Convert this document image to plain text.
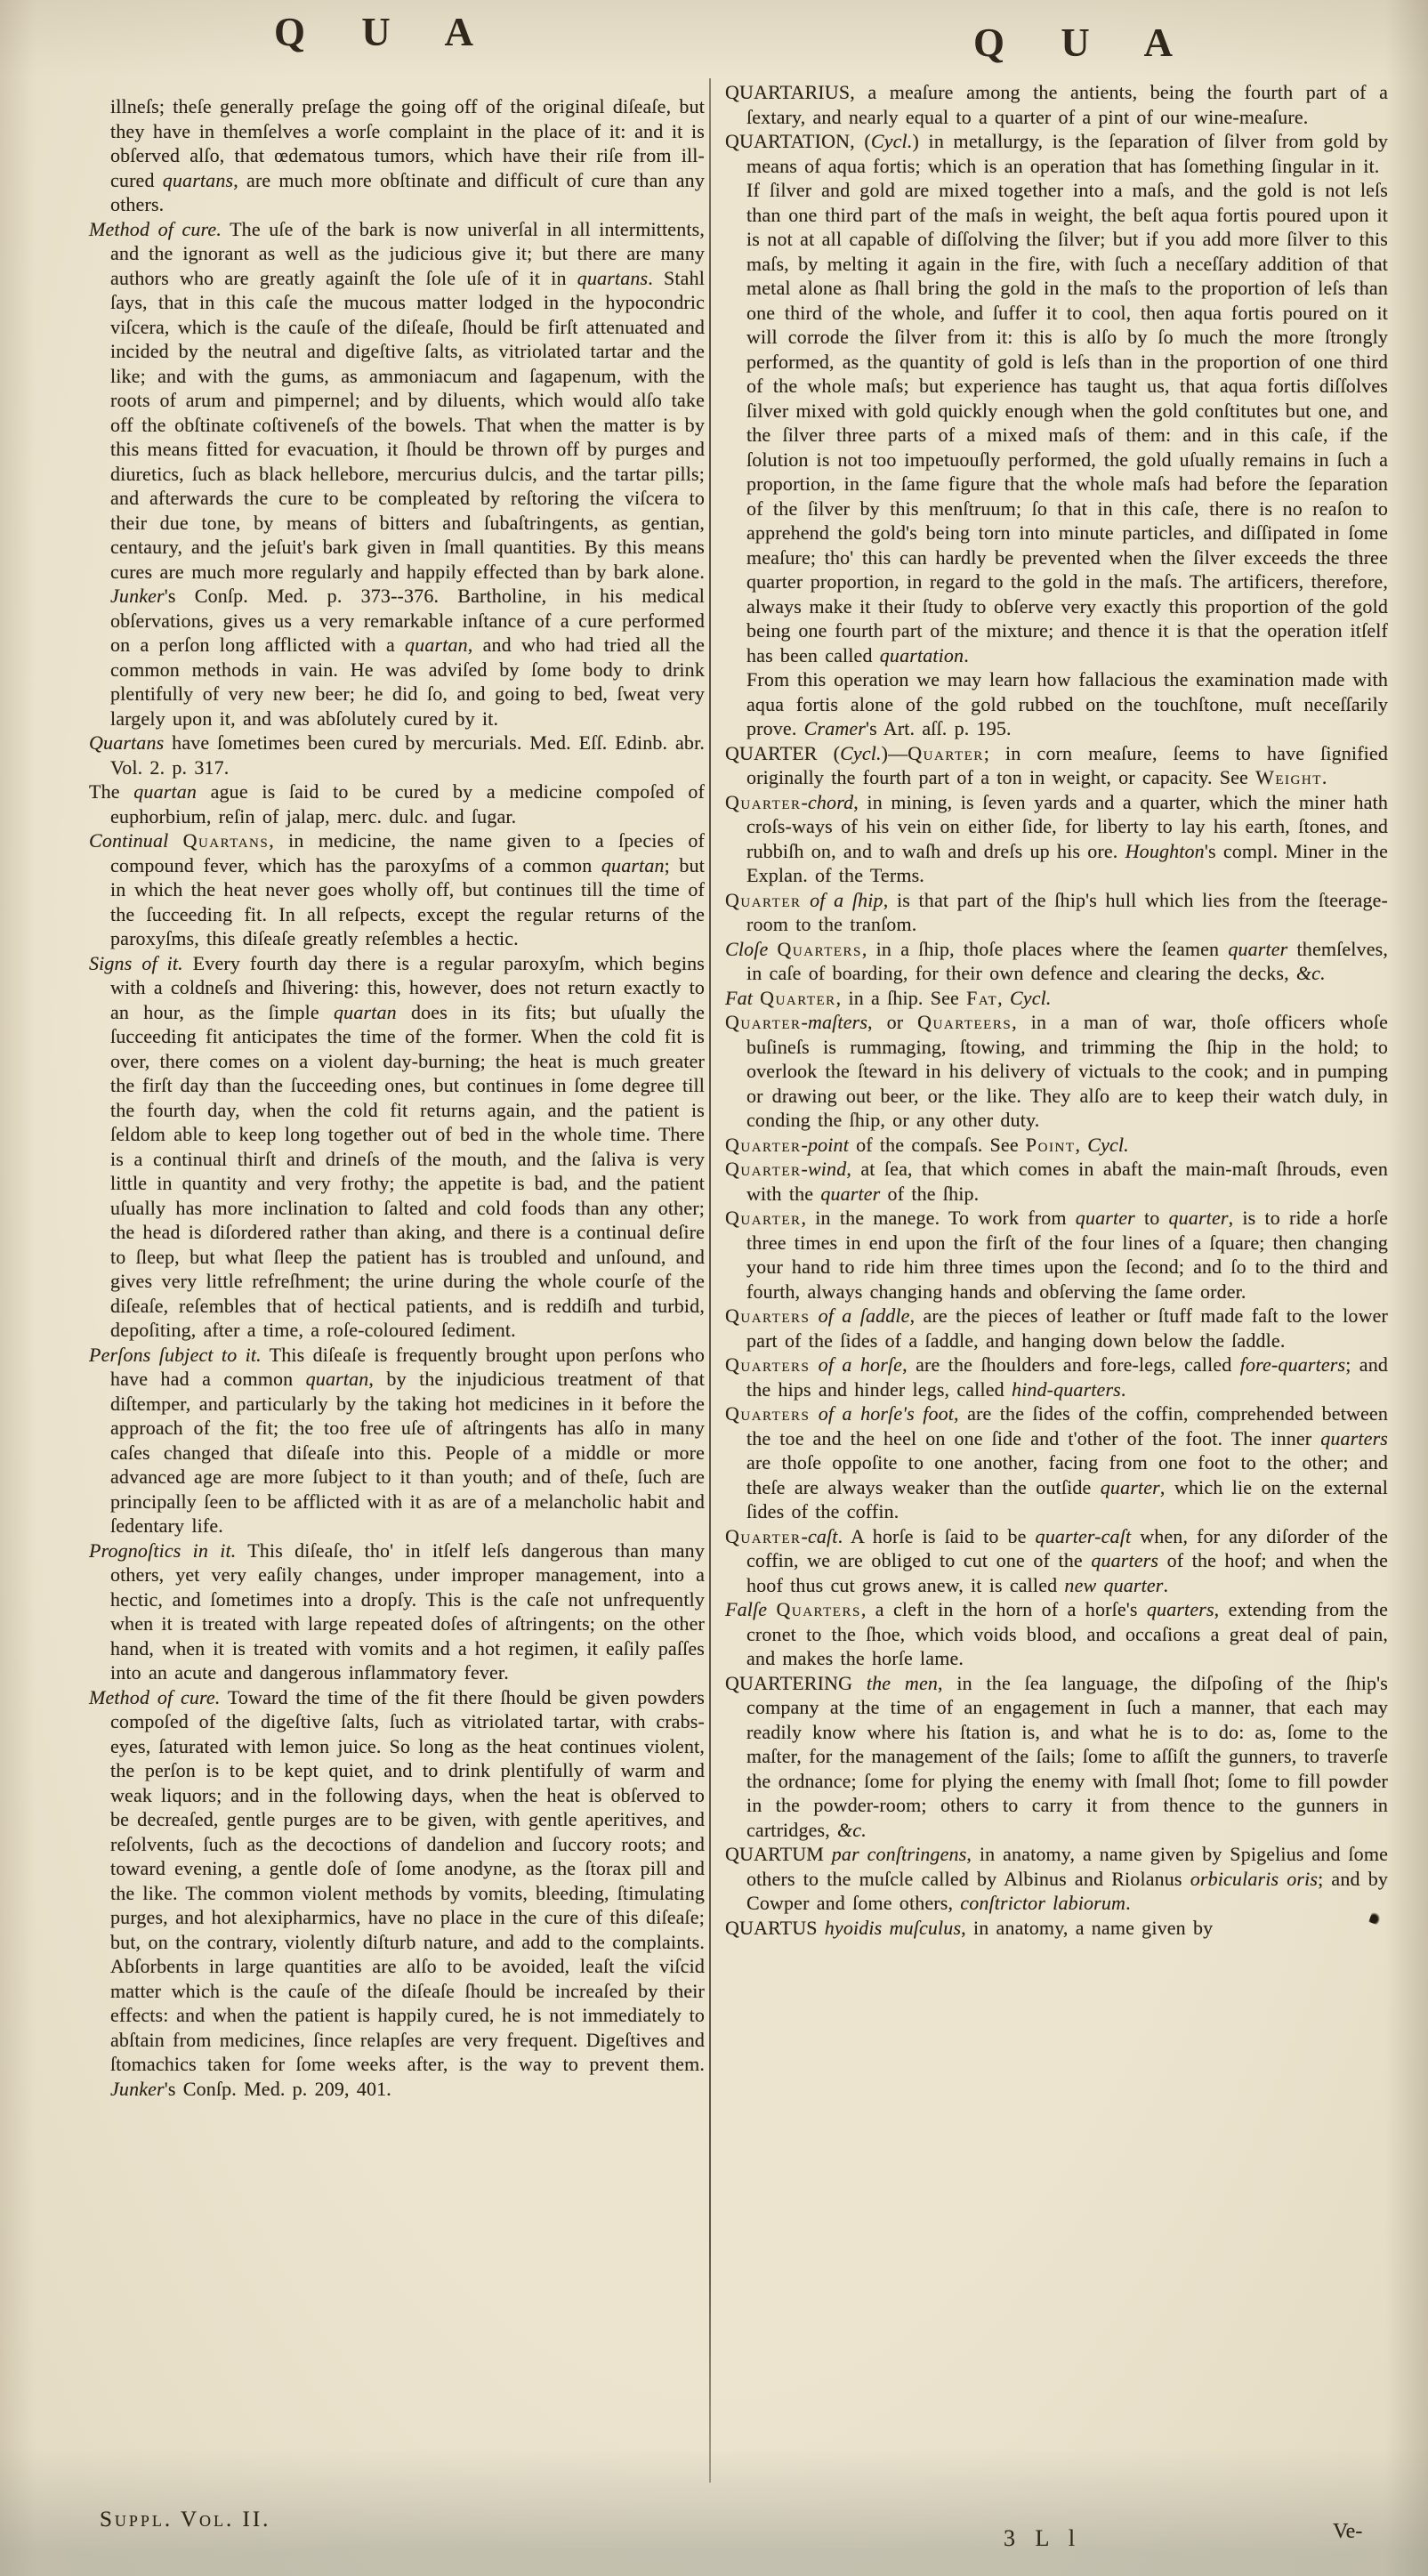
Q U A	Q U A

illneſs; theſe generally preſage the going off of the original diſeaſe, but they have in themſelves a worſe complaint in the place of it: and it is obſerved alſo, that œdematous tumors, which have their riſe from ill-cured quartans, are much more obſtinate and difficult of cure than any others.

Method of cure. The uſe of the bark is now univerſal in all intermittents, and the ignorant as well as the judicious give it; but there are many authors who are greatly againſt the ſole uſe of it in quartans. Stahl ſays, that in this caſe the mucous matter lodged in the hypocondric viſcera, which is the cauſe of the diſeaſe, ſhould be firſt attenuated and incided by the neutral and digeſtive ſalts, as vitriolated tartar and the like; and with the gums, as ammoniacum and ſagapenum, with the roots of arum and pimpernel; and by diluents, which would alſo take off the obſtinate coſtiveneſs of the bowels. That when the matter is by this means fitted for evacuation, it ſhould be thrown off by purges and diuretics, ſuch as black hellebore, mercurius dulcis, and the tartar pills; and afterwards the cure to be compleated by reſtoring the viſcera to their due tone, by means of bitters and ſubaſtringents, as gentian, centaury, and the jeſuit's bark given in ſmall quantities. By this means cures are much more regularly and happily effected than by bark alone. Junker's Conſp. Med. p. 373--376. Bartholine, in his medical obſervations, gives us a very remarkable inſtance of a cure performed on a perſon long afflicted with a quartan, and who had tried all the common methods in vain. He was adviſed by ſome body to drink plentifully of very new beer; he did ſo, and going to bed, ſweat very largely upon it, and was abſolutely cured by it.

Quartans have ſometimes been cured by mercurials. Med. Eſſ. Edinb. abr. Vol. 2. p. 317.

The quartan ague is ſaid to be cured by a medicine compoſed of euphorbium, reſin of jalap, merc. dulc. and ſugar.

Continual Quartans, in medicine, the name given to a ſpecies of compound fever, which has the paroxyſms of a common quartan; but in which the heat never goes wholly off, but continues till the time of the ſucceeding fit. In all reſpects, except the regular returns of the paroxyſms, this diſeaſe greatly reſembles a hectic.

Signs of it. Every fourth day there is a regular paroxyſm, which begins with a coldneſs and ſhivering: this, however, does not return exactly to an hour, as the ſimple quartan does in its fits; but uſually the ſucceeding fit anticipates the time of the former. When the cold fit is over, there comes on a violent day-burning; the heat is much greater the firſt day than the ſucceeding ones, but continues in ſome degree till the fourth day, when the cold fit returns again, and the patient is ſeldom able to keep long together out of bed in the whole time. There is a continual thirſt and drineſs of the mouth, and the ſaliva is very little in quantity and very frothy; the appetite is bad, and the patient uſually has more inclination to ſalted and cold foods than any other; the head is diſordered rather than aking, and there is a continual deſire to ſleep, but what ſleep the patient has is troubled and unſound, and gives very little refreſhment; the urine during the whole courſe of the diſeaſe, reſembles that of hectical patients, and is reddiſh and turbid, depoſiting, after a time, a roſe-coloured ſediment.

Perſons ſubject to it. This diſeaſe is frequently brought upon perſons who have had a common quartan, by the injudicious treatment of that diſtemper, and particularly by the taking hot medicines in it before the approach of the fit; the too free uſe of aſtringents has alſo in many caſes changed that diſeaſe into this. People of a middle or more advanced age are more ſubject to it than youth; and of theſe, ſuch are principally ſeen to be afflicted with it as are of a melancholic habit and ſedentary life.

Prognoſtics in it. This diſeaſe, tho' in itſelf leſs dangerous than many others, yet very eaſily changes, under improper management, into a hectic, and ſometimes into a dropſy. This is the caſe not unfrequently when it is treated with large repeated doſes of aſtringents; on the other hand, when it is treated with vomits and a hot regimen, it eaſily paſſes into an acute and dangerous inflammatory fever.

Method of cure. Toward the time of the fit there ſhould be given powders compoſed of the digeſtive ſalts, ſuch as vitriolated tartar, with crabs-eyes, ſaturated with lemon juice. So long as the heat continues violent, the perſon is to be kept quiet, and to drink plentifully of warm and weak liquors; and in the following days, when the heat is obſerved to be decreaſed, gentle purges are to be given, with gentle aperitives, and reſolvents, ſuch as the decoctions of dandelion and ſuccory roots; and toward evening, a gentle doſe of ſome anodyne, as the ſtorax pill and the like. The common violent methods by vomits, bleeding, ſtimulating purges, and hot alexipharmics, have no place in the cure of this diſeaſe; but, on the contrary, violently diſturb nature, and add to the complaints. Abſorbents in large quantities are alſo to be avoided, leaſt the viſcid matter which is the cauſe of the diſeaſe ſhould be increaſed by their effects: and when the patient is happily cured, he is not immediately to abſtain from medicines, ſince relapſes are very frequent. Digeſtives and ſtomachics taken for ſome weeks after, is the way to prevent them. Junker's Conſp. Med. p. 209, 401.

QUARTARIUS, a meaſure among the antients, being the fourth part of a ſextary, and nearly equal to a quarter of a pint of our wine-meaſure.

QUARTATION, (Cycl.) in metallurgy, is the ſeparation of ſilver from gold by means of aqua fortis; which is an operation that has ſomething ſingular in it.

If ſilver and gold are mixed together into a maſs, and the gold is not leſs than one third part of the maſs in weight, the beſt aqua fortis poured upon it is not at all capable of diſſolving the ſilver; but if you add more ſilver to this maſs, by melting it again in the fire, with ſuch a neceſſary addition of that metal alone as ſhall bring the gold in the maſs to the proportion of leſs than one third of the whole, and ſuffer it to cool, then aqua fortis poured on it will corrode the ſilver from it: this is alſo by ſo much the more ſtrongly performed, as the quantity of gold is leſs than in the proportion of one third of the whole maſs; but experience has taught us, that aqua fortis diſſolves ſilver mixed with gold quickly enough when the gold conſtitutes but one, and the ſilver three parts of a mixed maſs of them: and in this caſe, if the ſolution is not too impetuouſly performed, the gold uſually remains in ſuch a proportion, in the ſame figure that the whole maſs had before the ſeparation of the ſilver by this menſtruum; ſo that in this caſe, there is no reaſon to apprehend the gold's being torn into minute particles, and diſſipated in ſome meaſure; tho' this can hardly be prevented when the ſilver exceeds the three quarter proportion, in regard to the gold in the maſs. The artificers, therefore, always make it their ſtudy to obſerve very exactly this proportion of the gold being one fourth part of the mixture; and thence it is that the operation itſelf has been called quartation.

From this operation we may learn how fallacious the examination made with aqua fortis alone of the gold rubbed on the touchſtone, muſt neceſſarily prove. Cramer's Art. aſſ. p. 195.

QUARTER (Cycl.)—Quarter; in corn meaſure, ſeems to have ſignified originally the fourth part of a ton in weight, or capacity. See Weight.

Quarter-chord, in mining, is ſeven yards and a quarter, which the miner hath croſs-ways of his vein on either ſide, for liberty to lay his earth, ſtones, and rubbiſh on, and to waſh and dreſs up his ore. Houghton's compl. Miner in the Explan. of the Terms.

Quarter of a ſhip, is that part of the ſhip's hull which lies from the ſteerage-room to the tranſom.

Cloſe Quarters, in a ſhip, thoſe places where the ſeamen quarter themſelves, in caſe of boarding, for their own defence and clearing the decks, &c.

Fat Quarter, in a ſhip. See Fat, Cycl.

Quarter-maſters, or Quarteers, in a man of war, thoſe officers whoſe buſineſs is rummaging, ſtowing, and trimming the ſhip in the hold; to overlook the ſteward in his delivery of victuals to the cook; and in pumping or drawing out beer, or the like. They alſo are to keep their watch duly, in conding the ſhip, or any other duty.

Quarter-point of the compaſs. See Point, Cycl.

Quarter-wind, at ſea, that which comes in abaft the main-maſt ſhrouds, even with the quarter of the ſhip.

Quarter, in the manege. To work from quarter to quarter, is to ride a horſe three times in end upon the firſt of the four lines of a ſquare; then changing your hand to ride him three times upon the ſecond; and ſo to the third and fourth, always changing hands and obſerving the ſame order.

Quarters of a ſaddle, are the pieces of leather or ſtuff made faſt to the lower part of the ſides of a ſaddle, and hanging down below the ſaddle.

Quarters of a horſe, are the ſhoulders and fore-legs, called fore-quarters; and the hips and hinder legs, called hind-quarters.

Quarters of a horſe's foot, are the ſides of the coffin, comprehended between the toe and the heel on one ſide and t'other of the foot. The inner quarters are thoſe oppoſite to one another, facing from one foot to the other; and theſe are always weaker than the outſide quarter, which lie on the external ſides of the coffin.

Quarter-caſt. A horſe is ſaid to be quarter-caſt when, for any diſorder of the coffin, we are obliged to cut one of the quarters of the hoof; and when the hoof thus cut grows anew, it is called new quarter.

Falſe Quarters, a cleft in the horn of a horſe's quarters, extending from the cronet to the ſhoe, which voids blood, and occaſions a great deal of pain, and makes the horſe lame.

QUARTERING the men, in the ſea language, the diſpoſing of the ſhip's company at the time of an engagement in ſuch a manner, that each may readily know where his ſtation is, and what he is to do: as, ſome to the maſter, for the management of the ſails; ſome to aſſiſt the gunners, to traverſe the ordnance; ſome for plying the enemy with ſmall ſhot; ſome to fill powder in the powder-room; others to carry it from thence to the gunners in cartridges, &c.

QUARTUM par conſtringens, in anatomy, a name given by Spigelius and ſome others to the muſcle called by Albinus and Riolanus orbicularis oris; and by Cowper and ſome others, conſtrictor labiorum.

QUARTUS hyoidis muſculus, in anatomy, a name given by

Suppl. Vol. II.
3 L l	Ve-
